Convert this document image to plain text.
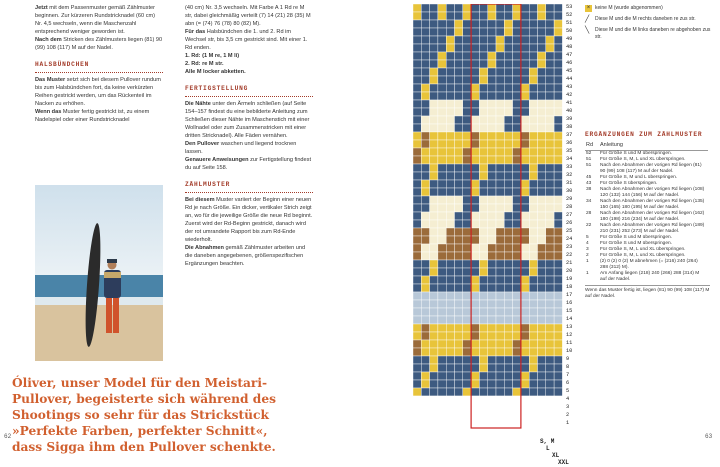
Jetzt mit dem Passenmuster gemäß Zählmuster beginnen. Zur kürzeren Rundstricknadel (60 cm) Nr. 4,5 wechseln, wenn die Maschenzahl entsprechend weniger geworden ist.

Nach dem Stricken des Zählmusters liegen (81) 90 (99) 108 (117) M auf der Nadel.

HALSBÜNDCHEN

Das Muster setzt sich bei diesem Pullover rundum bis zum Halsbündchen fort, da keine verkürzten Reihen gestrickt werden, um das Rückenteil im Nacken zu erhöhen.

Wenn das Muster fertig gestrickt ist, zu einem Nadelspiel oder einer Rundstricknadel

(40 cm) Nr. 3,5 wechseln. Mit Farbe A 1 Rd re M str, dabei gleichmäßig verteilt (7) 14 (21) 28 (35) M abn (= (74) 76 (78) 80 (82) M).

Für das Halsbündchen die 1. und 2. Rd im Wechsel str, bis 3,5 cm gestrickt sind. Mit einer 1. Rd enden.

1. Rd: (1 M re, 1 M li)

2. Rd: re M str.

Alle M locker abketten.

FERTIGSTELLUNG

Die Nähte unter den Ärmeln schließen (auf Seite 154–157 findest du eine bebilderte Anleitung zum Schließen dieser Nähte im Maschenstich mit einer Wollnadel oder zum Zusammenstricken mit einer dritten Stricknadel). Alle Fäden vernähen.

Den Pullover waschen und liegend trocknen lassen.

Genauere Anweisungen zur Fertigstellung findest du auf Seite 158.

ZÄHLMUSTER

Bei diesem Muster variiert der Beginn einer neuen Rd je nach Größe. Ein dicker, vertikaler Strich zeigt an, wo für die jeweilige Größe die neue Rd beginnt. Zuerst wird der Rd-Beginn gestrickt, danach wird der rot umrandete Rapport bis zum Rd-Ende wiederholt.

Die Abnahmen gemäß Zählmuster arbeiten und die daneben angegebenen, größenspezifischen Ergänzungen beachten.

Óliver, unser Model für den Meistari-Pullover, begeisterte sich während des Shootings so sehr für das Strickstück »Perfekte Farben, perfekter Schnitt«, dass Sigga ihm den Pullover schenkte.
62
53
52
51
50
49
48
47
46
45
44
43
42
41
40
39
38
37
36
35
34
33
32
31
30
29
28
27
26
25
24
23
22
21
20
19
18
17
16
15
14
13
12
11
10
9
8
7
6
5
4
3
2
1
S, M
L
XL
XXL
× keine M (wurde abgenommen)
╱	Diese M und die M rechts daneben re zus str.
╲	Diese M und die M links daneben re abgehoben zus str.
ERGÄNZUNGEN ZUM ZÄHLMUSTER
Rd	Anleitung
52	Für Größe S und M überspringen.
51	Für Größe S, M, L und XL überspringen.
51	Nach den Abnahmen der vorigen Rd liegen (81) 90 (99) 108 (117) M auf der Nadel.
45	Für Größe S, M und L überspringen.
43	Für Größe S überspringen.
38	Nach den Abnahmen der vorigen Rd liegen (108) 120 (132) 144 (156) M auf der Nadel.
34	Nach den Abnahmen der vorigen Rd liegen (135) 150 (165) 180 (195) M auf der Nadel.
28	Nach den Abnahmen der vorigen Rd liegen (162) 180 (198) 216 (234) M auf der Nadel.
22	Nach den Abnahmen der vorigen Rd liegen (189) 210 (231) 252 (273) M auf der Nadel.
5	Für Größe S und M überspringen.
4	Für Größe S und M überspringen.
3	Für Größe S, M, L und XL überspringen.
2	Für Größe S, M, L und XL überspringen.
1	(2) 0 (2) 0 (2) M abnehmen (= (216) 240 (264) 288 (312) M).
1	Am Anfang liegen (218) 240 (266) 288 (314) M auf der Nadel.
Wenn das Muster fertig ist, liegen (81) 90 (99) 108 (117) M auf der Nadel.
63
